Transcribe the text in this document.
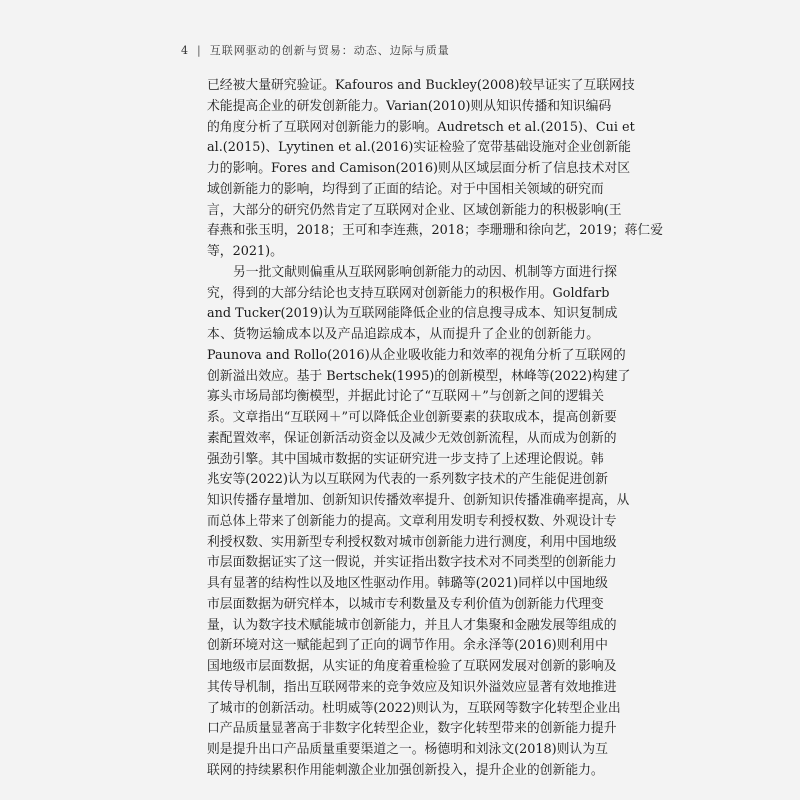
4 | 互联网驱动的创新与贸易：动态、边际与质量
已经被大量研究验证。Kafouros and Buckley(2008)较早证实了互联网技
术能提高企业的研发创新能力。Varian(2010)则从知识传播和知识编码
的角度分析了互联网对创新能力的影响。Audretsch et al.(2015)、Cui et
al.(2015)、Lyytinen et al.(2016)实证检验了宽带基础设施对企业创新能
力的影响。Fores and Camison(2016)则从区域层面分析了信息技术对区
域创新能力的影响，均得到了正面的结论。对于中国相关领域的研究而
言，大部分的研究仍然肯定了互联网对企业、区域创新能力的积极影响(王
春燕和张玉明，2018；王可和李连燕，2018；李珊珊和徐向艺，2019；蒋仁爱
等，2021)。
另一批文献则偏重从互联网影响创新能力的动因、机制等方面进行探
究，得到的大部分结论也支持互联网对创新能力的积极作用。Goldfarb
and Tucker(2019)认为互联网能降低企业的信息搜寻成本、知识复制成
本、货物运输成本以及产品追踪成本，从而提升了企业的创新能力。
Paunova and Rollo(2016)从企业吸收能力和效率的视角分析了互联网的
创新溢出效应。基于 Bertschek(1995)的创新模型，林峰等(2022)构建了
寡头市场局部均衡模型，并据此讨论了“互联网＋”与创新之间的逻辑关
系。文章指出“互联网＋”可以降低企业创新要素的获取成本，提高创新要
素配置效率，保证创新活动资金以及减少无效创新流程，从而成为创新的
强劲引擎。其中国城市数据的实证研究进一步支持了上述理论假说。韩
兆安等(2022)认为以互联网为代表的一系列数字技术的产生能促进创新
知识传播存量增加、创新知识传播效率提升、创新知识传播准确率提高，从
而总体上带来了创新能力的提高。文章利用发明专利授权数、外观设计专
利授权数、实用新型专利授权数对城市创新能力进行测度，利用中国地级
市层面数据证实了这一假说，并实证指出数字技术对不同类型的创新能力
具有显著的结构性以及地区性驱动作用。韩璐等(2021)同样以中国地级
市层面数据为研究样本，以城市专利数量及专利价值为创新能力代理变
量，认为数字技术赋能城市创新能力，并且人才集聚和金融发展等组成的
创新环境对这一赋能起到了正向的调节作用。余永泽等(2016)则利用中
国地级市层面数据，从实证的角度着重检验了互联网发展对创新的影响及
其传导机制，指出互联网带来的竞争效应及知识外溢效应显著有效地推进
了城市的创新活动。杜明威等(2022)则认为，互联网等数字化转型企业出
口产品质量显著高于非数字化转型企业，数字化转型带来的创新能力提升
则是提升出口产品质量重要渠道之一。杨德明和刘泳文(2018)则认为互
联网的持续累积作用能刺激企业加强创新投入，提升企业的创新能力。
